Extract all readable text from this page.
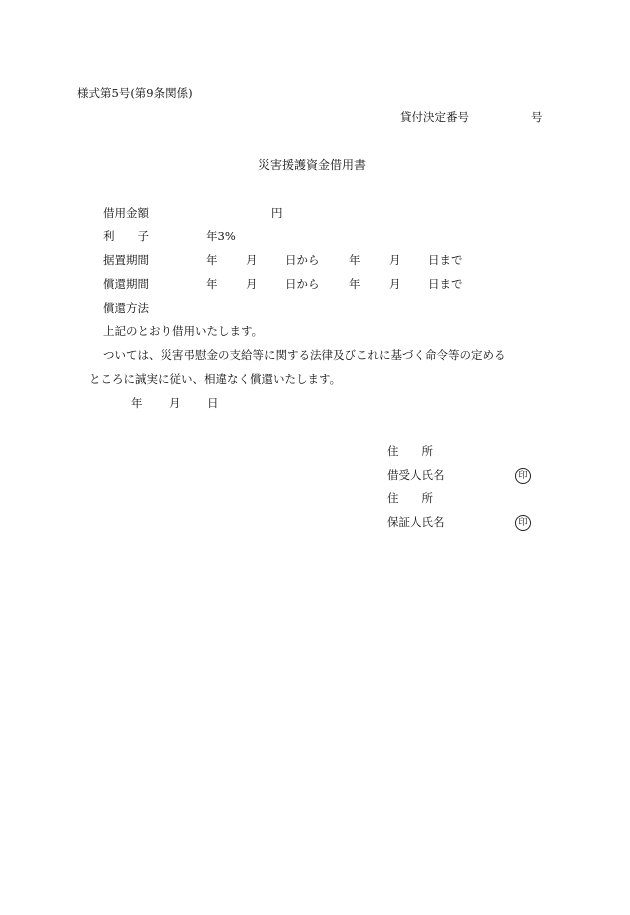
様式第5号(第9条関係)
貸付決定番号	号
災害援護資金借用書
借用金額	円
利　　子	年3%
据置期間	年 月 日から	年 月 日まで
償還期間	年 月 日から	年 月 日まで
償還方法
上記のとおり借用いたします。
ついては、災害弔慰金の支給等に関する法律及びこれに基づく命令等の定める
ところに誠実に従い、相違なく償還いたします。
年 月 日
住　　所
借受人氏名	印
住　　所
保証人氏名	印
